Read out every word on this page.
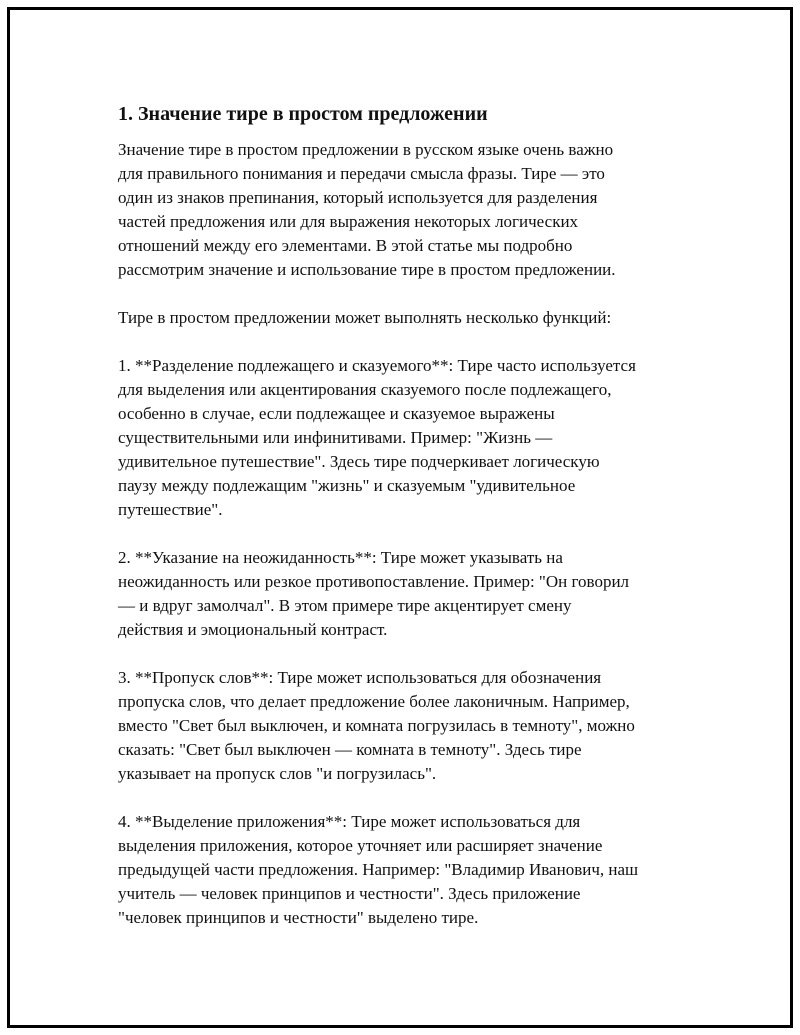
1. Значение тире в простом предложении

Значение тире в простом предложении в русском языке очень важно
для правильного понимания и передачи смысла фразы. Тире — это
один из знаков препинания, который используется для разделения
частей предложения или для выражения некоторых логических
отношений между его элементами. В этой статье мы подробно
рассмотрим значение и использование тире в простом предложении.

Тире в простом предложении может выполнять несколько функций:

1. **Разделение подлежащего и сказуемого**: Тире часто используется
для выделения или акцентирования сказуемого после подлежащего,
особенно в случае, если подлежащее и сказуемое выражены
существительными или инфинитивами. Пример: "Жизнь —
удивительное путешествие". Здесь тире подчеркивает логическую
паузу между подлежащим "жизнь" и сказуемым "удивительное
путешествие".

2. **Указание на неожиданность**: Тире может указывать на
неожиданность или резкое противопоставление. Пример: "Он говорил
— и вдруг замолчал". В этом примере тире акцентирует смену
действия и эмоциональный контраст.

3. **Пропуск слов**: Тире может использоваться для обозначения
пропуска слов, что делает предложение более лаконичным. Например,
вместо "Свет был выключен, и комната погрузилась в темноту", можно
сказать: "Свет был выключен — комната в темноту". Здесь тире
указывает на пропуск слов "и погрузилась".

4. **Выделение приложения**: Тире может использоваться для
выделения приложения, которое уточняет или расширяет значение
предыдущей части предложения. Например: "Владимир Иванович, наш
учитель — человек принципов и честности". Здесь приложение
"человек принципов и честности" выделено тире.
